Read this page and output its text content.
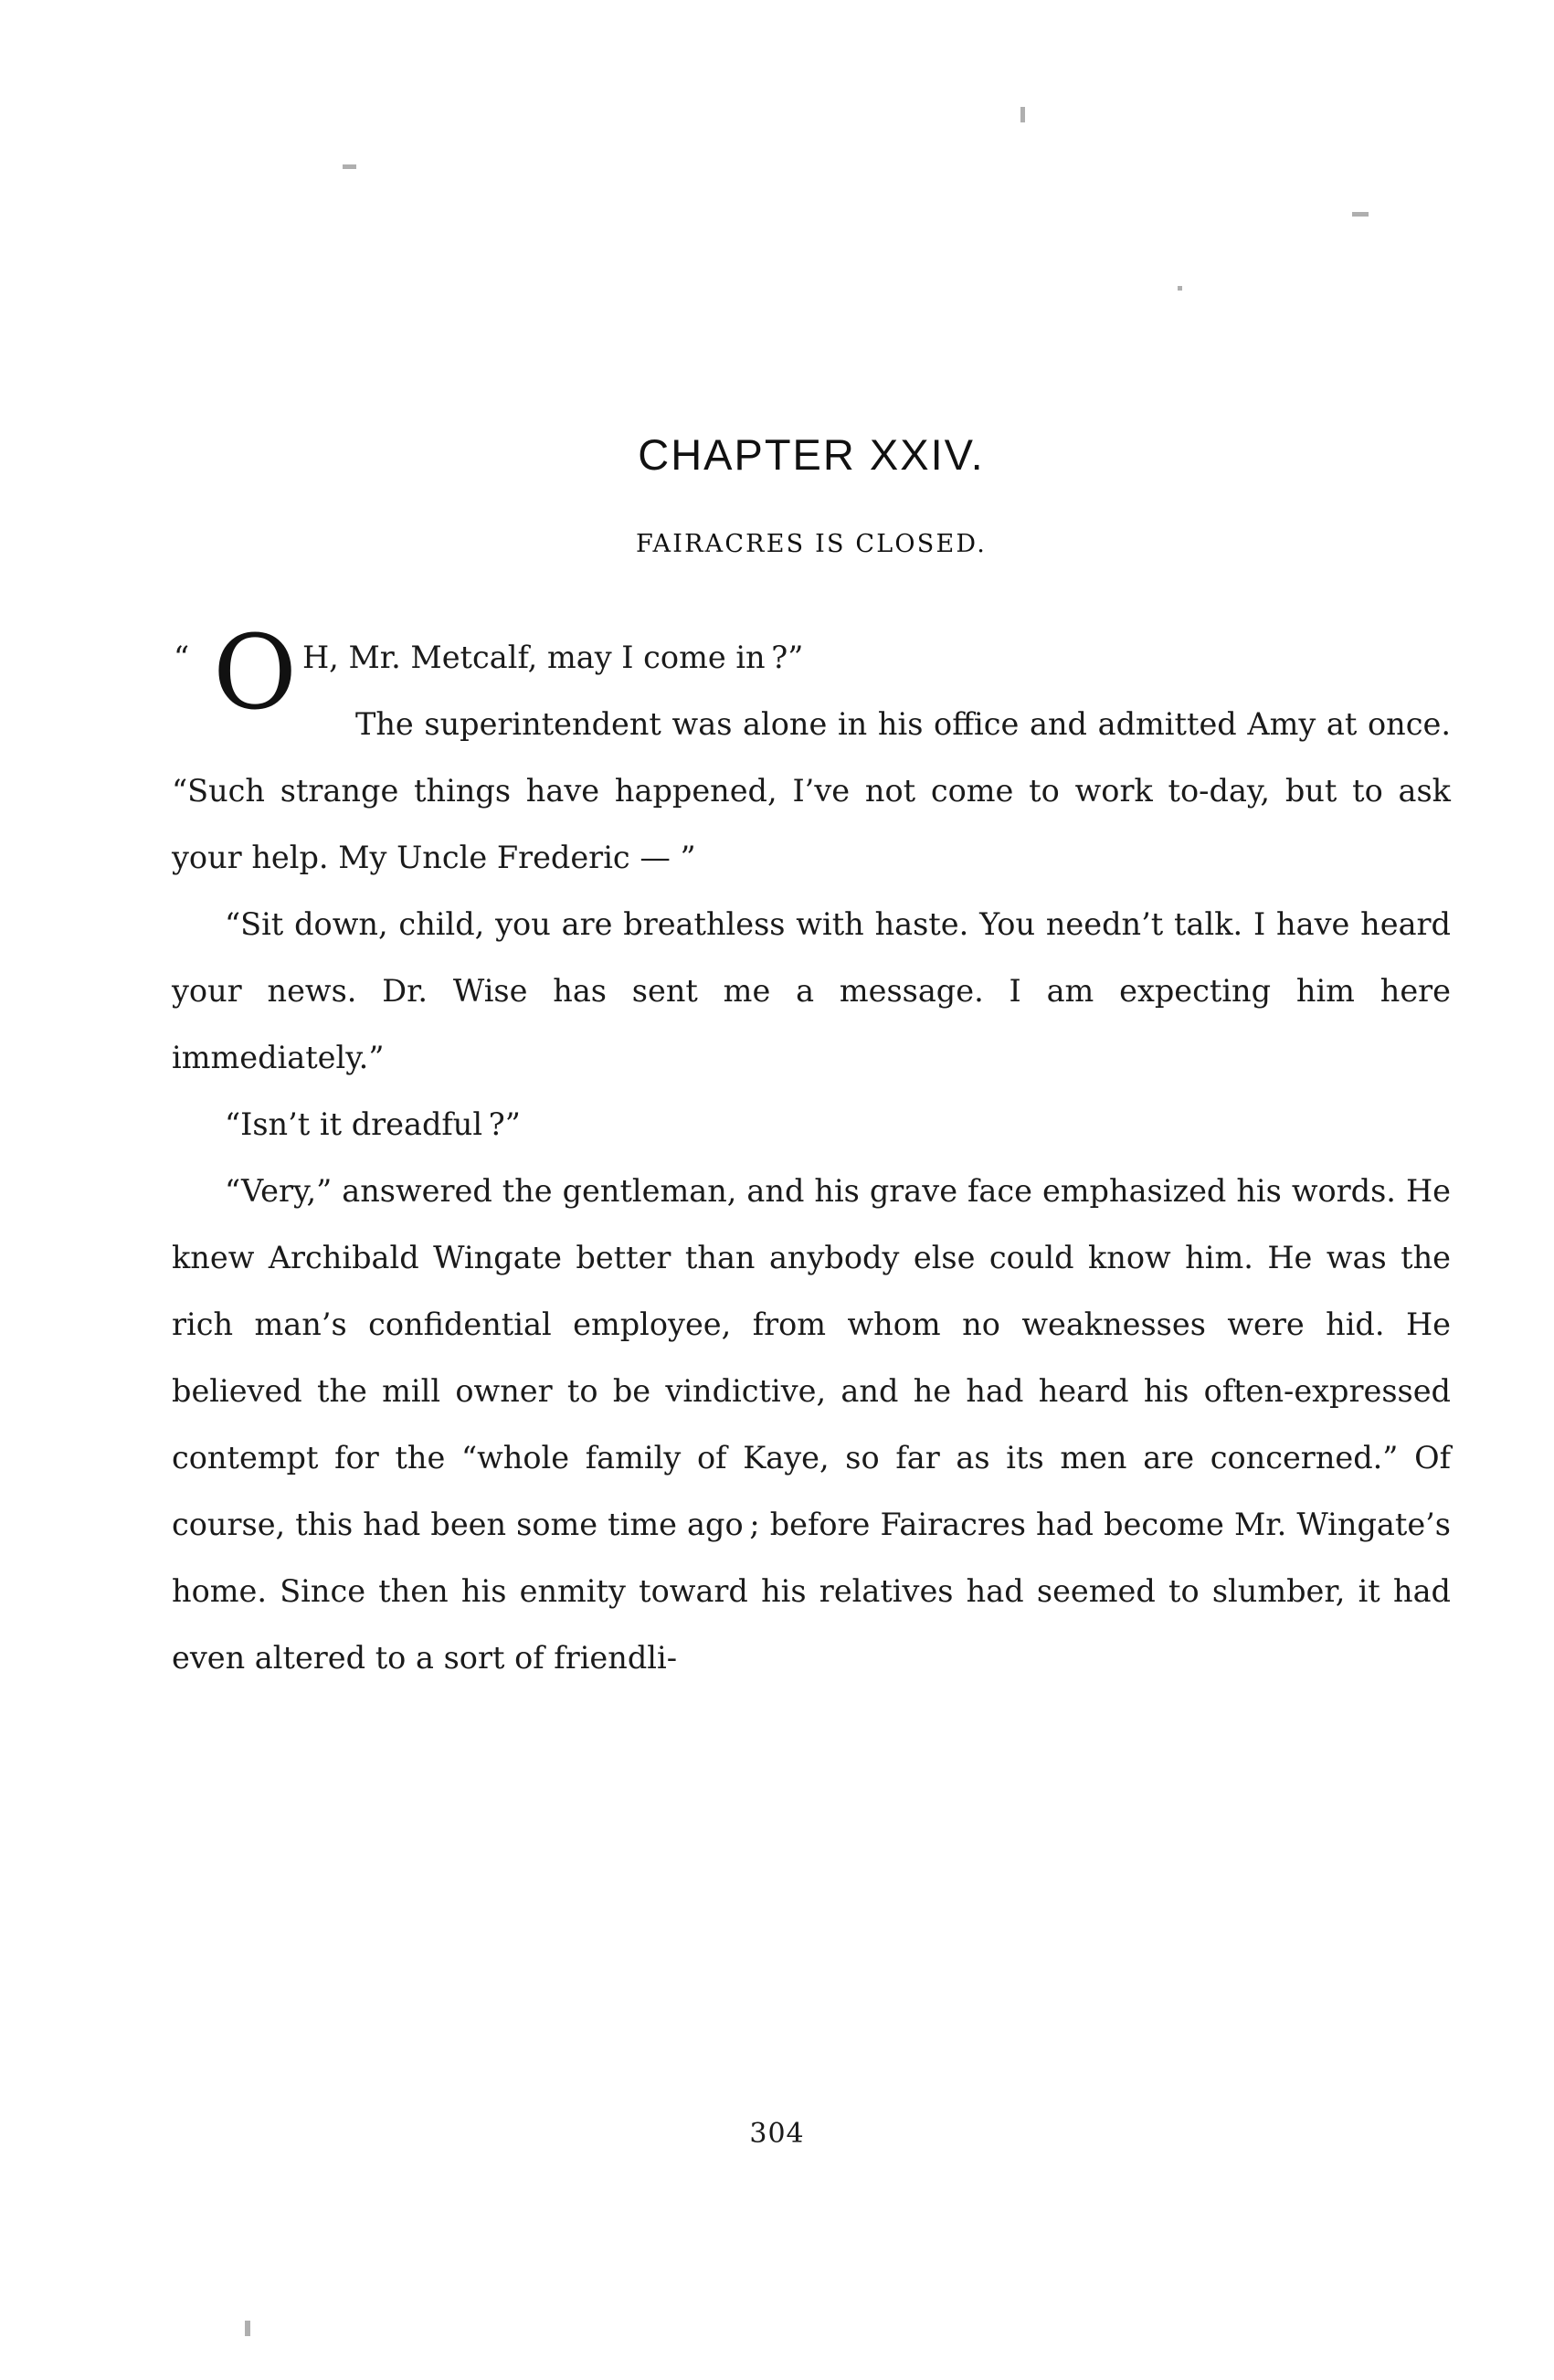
CHAPTER XXIV.
FAIRACRES IS CLOSED.
“ O H, Mr. Metcalf, may I come in ?”

The superintendent was alone in his office and admitted Amy at once. “Such strange things have happened, I’ve not come to work to-day, but to ask your help. My Uncle Frederic — ”

“Sit down, child, you are breathless with haste. You needn’t talk. I have heard your news. Dr. Wise has sent me a message. I am expecting him here immediately.”

“Isn’t it dreadful ?”

“Very,” answered the gentleman, and his grave face emphasized his words. He knew Archibald Wingate better than anybody else could know him. He was the rich man’s confidential employee, from whom no weaknesses were hid. He believed the mill owner to be vindictive, and he had heard his often-expressed contempt for the “whole family of Kaye, so far as its men are concerned.” Of course, this had been some time ago ; before Fairacres had become Mr. Wingate’s home. Since then his enmity toward his relatives had seemed to slumber, it had even altered to a sort of friendli-

304
